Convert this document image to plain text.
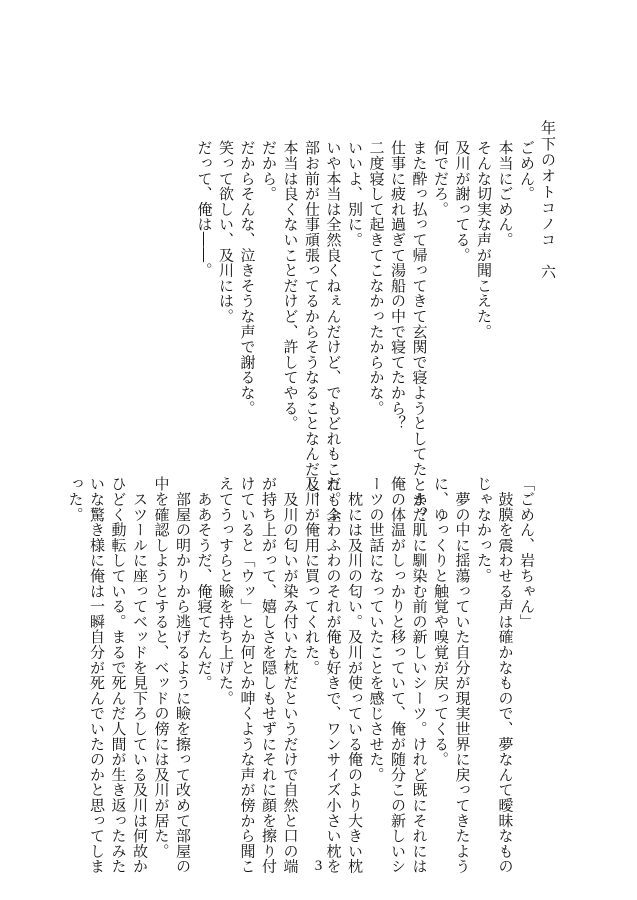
年下のオトコノコ　六
ごめん。
本当にごめん。
そんな切実な声が聞こえた。
及川が謝ってる。
何でだろ。
また酔っ払って帰ってきて玄関で寝ようとしてたとか？
仕事に疲れ過ぎて湯船の中で寝てたから？
二度寝して起きてこなかったからかな。
いいよ、別に。
いや本当は全然良くねぇんだけど、でもどれもこれも全
部お前が仕事頑張ってるからそうなることなんだし。
本当は良くないことだけど、許してやる。
だから。
だからそんな、泣きそうな声で謝るな。
笑って欲しい、及川には。
だって、俺は――。
「ごめん、岩ちゃん」
　鼓膜を震わせる声は確かなもので、夢なんて曖昧なもの
じゃなかった。
　夢の中に揺蕩っていた自分が現実世界に戻ってきたよう
に、ゆっくりと触覚や嗅覚が戻ってくる。
　まだ肌に馴染む前の新しいシーツ。けれど既にそれには
俺の体温がしっかりと移っていて、俺が随分この新しいシ
ーツの世話になっていたことを感じさせた。
　枕には及川の匂い。及川が使っている俺のより大きい枕
だ。ふわふわのそれが俺も好きで、ワンサイズ小さい枕を
及川が俺用に買ってくれた。
　及川の匂いが染み付いた枕だというだけで自然と口の端
が持ち上がって、嬉しさを隠しもせずにそれに顔を擦り付
けていると「ウッ」とか何とか呻くような声が傍から聞こ
えてうっすらと瞼を持ち上げた。
　ああそうだ、俺寝てたんだ。
　部屋の明かりから逃げるように瞼を擦って改めて部屋の
中を確認しようとすると、ベッドの傍には及川が居た。
　スツールに座ってベッドを見下ろしている及川は何故か
ひどく動転している。まるで死んだ人間が生き返ったみた
いな驚き様に俺は一瞬自分が死んでいたのかと思ってしま
った。
3
